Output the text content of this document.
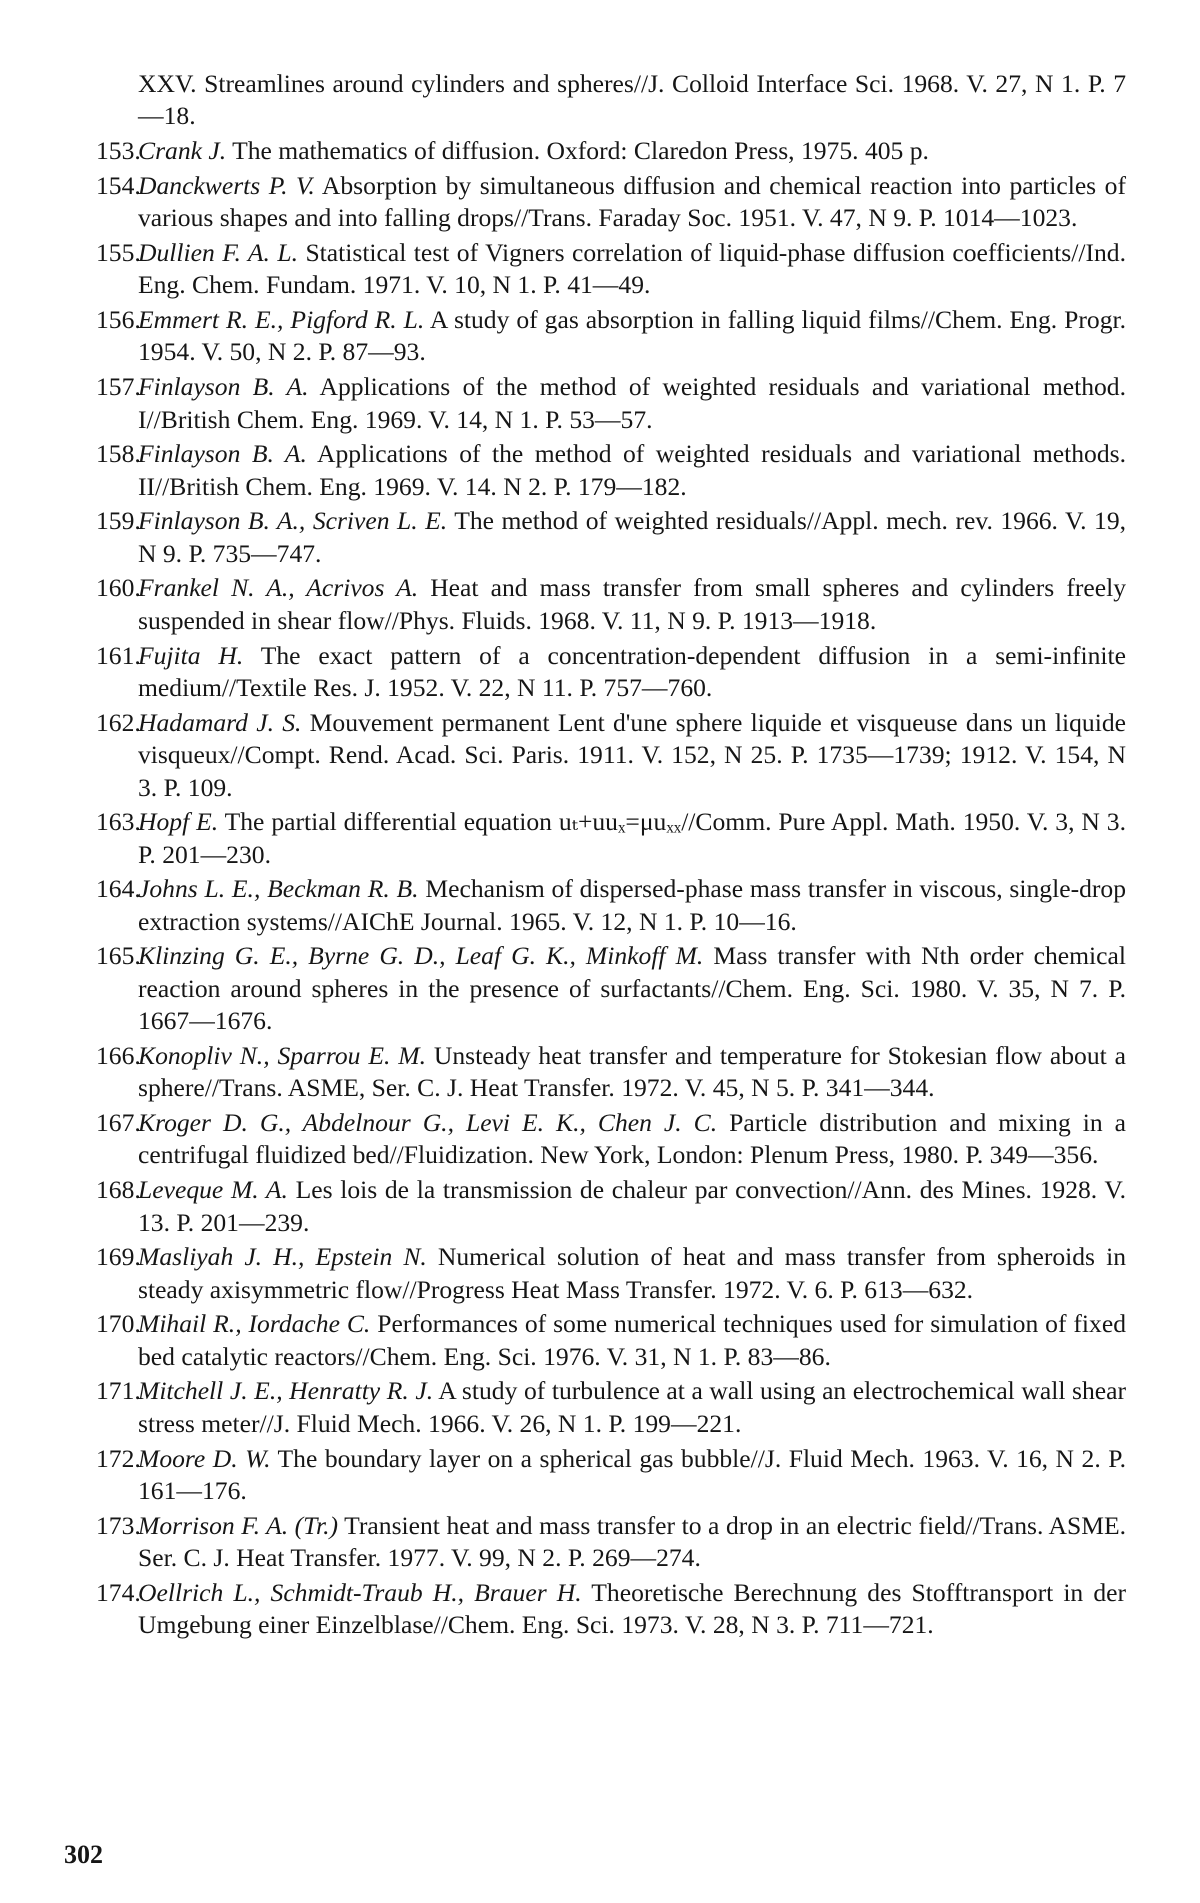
XXV. Streamlines around cylinders and spheres//J. Colloid Interface Sci. 1968. V. 27, N 1. P. 7—18.
153.
Crank J. The mathematics of diffusion. Oxford: Claredon Press, 1975. 405 p.
154.
Danckwerts P. V. Absorption by simultaneous diffusion and chemical reaction into particles of various shapes and into falling drops//Trans. Faraday Soc. 1951. V. 47, N 9. P. 1014—1023.
155.
Dullien F. A. L. Statistical test of Vigners correlation of liquid-phase diffusion coefficients//Ind. Eng. Chem. Fundam. 1971. V. 10, N 1. P. 41—49.
156.
Emmert R. E., Pigford R. L. A study of gas absorption in falling liquid films//Chem. Eng. Progr. 1954. V. 50, N 2. P. 87—93.
157.
Finlayson B. A. Applications of the method of weighted residuals and variational method. I//British Chem. Eng. 1969. V. 14, N 1. P. 53—57.
158.
Finlayson B. A. Applications of the method of weighted residuals and variational methods. II//British Chem. Eng. 1969. V. 14. N 2. P. 179—182.
159.
Finlayson B. A., Scriven L. E. The method of weighted residuals//Appl. mech. rev. 1966. V. 19, N 9. P. 735—747.
160.
Frankel N. A., Acrivos A. Heat and mass transfer from small spheres and cylinders freely suspended in shear flow//Phys. Fluids. 1968. V. 11, N 9. P. 1913—1918.
161.
Fujita H. The exact pattern of a concentration-dependent diffusion in a semi-infinite medium//Textile Res. J. 1952. V. 22, N 11. P. 757—760.
162.
Hadamard J. S. Mouvement permanent Lent d'une sphere liquide et visqueuse dans un liquide visqueux//Compt. Rend. Acad. Sci. Paris. 1911. V. 152, N 25. P. 1735—1739; 1912. V. 154, N 3. P. 109.
163.
Hopf E. The partial differential equation uₜ+uuₓ=μuₓₓ//Comm. Pure Appl. Math. 1950. V. 3, N 3. P. 201—230.
164.
Johns L. E., Beckman R. B. Mechanism of dispersed-phase mass transfer in viscous, single-drop extraction systems//AIChE Journal. 1965. V. 12, N 1. P. 10—16.
165.
Klinzing G. E., Byrne G. D., Leaf G. K., Minkoff M. Mass transfer with Nth order chemical reaction around spheres in the presence of surfactants//Chem. Eng. Sci. 1980. V. 35, N 7. P. 1667—1676.
166.
Konopliv N., Sparrou E. M. Unsteady heat transfer and temperature for Stokesian flow about a sphere//Trans. ASME, Ser. C. J. Heat Transfer. 1972. V. 45, N 5. P. 341—344.
167.
Kroger D. G., Abdelnour G., Levi E. K., Chen J. C. Particle distribution and mixing in a centrifugal fluidized bed//Fluidization. New York, London: Plenum Press, 1980. P. 349—356.
168.
Leveque M. A. Les lois de la transmission de chaleur par convection//Ann. des Mines. 1928. V. 13. P. 201—239.
169.
Masliyah J. H., Epstein N. Numerical solution of heat and mass transfer from spheroids in steady axisymmetric flow//Progress Heat Mass Transfer. 1972. V. 6. P. 613—632.
170.
Mihail R., Iordache C. Performances of some numerical techniques used for simulation of fixed bed catalytic reactors//Chem. Eng. Sci. 1976. V. 31, N 1. P. 83—86.
171.
Mitchell J. E., Henratty R. J. A study of turbulence at a wall using an electrochemical wall shear stress meter//J. Fluid Mech. 1966. V. 26, N 1. P. 199—221.
172.
Moore D. W. The boundary layer on a spherical gas bubble//J. Fluid Mech. 1963. V. 16, N 2. P. 161—176.
173.
Morrison F. A. (Tr.) Transient heat and mass transfer to a drop in an electric field//Trans. ASME. Ser. C. J. Heat Transfer. 1977. V. 99, N 2. P. 269—274.
174.
Oellrich L., Schmidt-Traub H., Brauer H. Theoretische Berechnung des Stofftransport in der Umgebung einer Einzelblase//Chem. Eng. Sci. 1973. V. 28, N 3. P. 711—721.
302
